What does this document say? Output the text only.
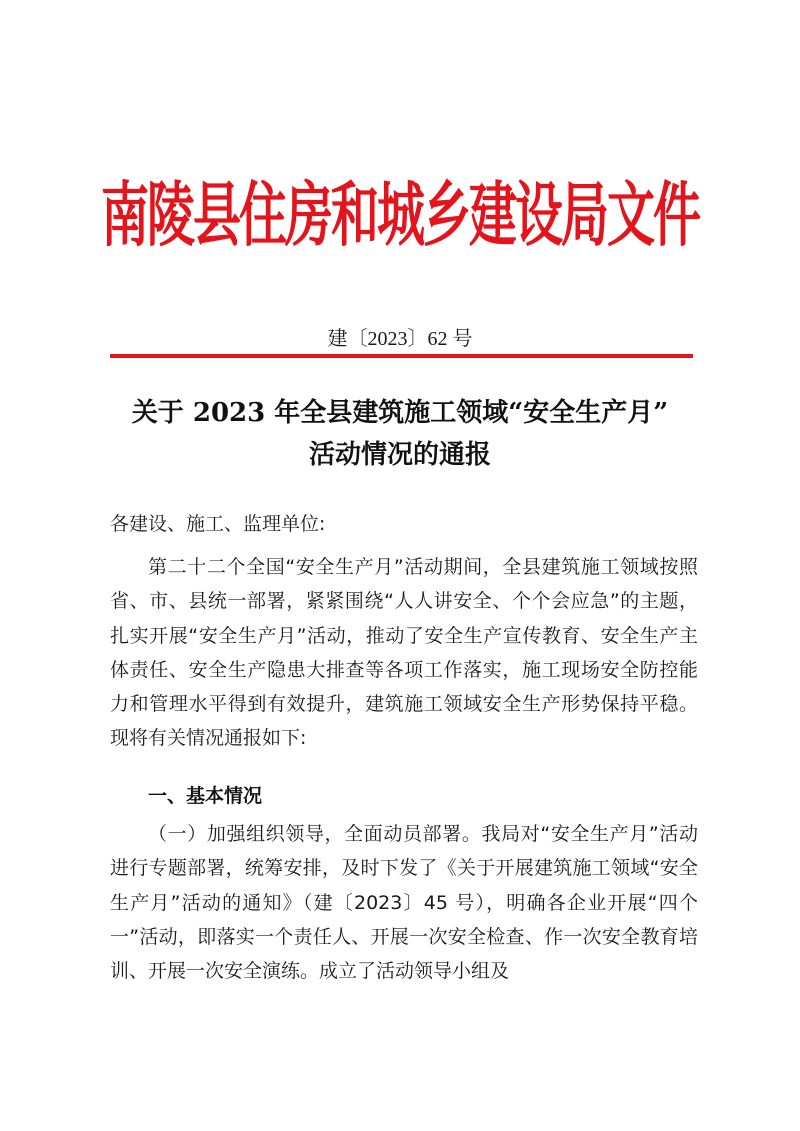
南陵县住房和城乡建设局文件
建〔2023〕62 号
关于 2023 年全县建筑施工领域“安全生产月”
活动情况的通报
各建设、施工、监理单位:
第二十二个全国“安全生产月”活动期间，全县建筑施工领域按照省、市、县统一部署，紧紧围绕“人人讲安全、个个会应急”的主题，扎实开展“安全生产月”活动，推动了安全生产宣传教育、安全生产主体责任、安全生产隐患大排查等各项工作落实，施工现场安全防控能力和管理水平得到有效提升，建筑施工领域安全生产形势保持平稳。现将有关情况通报如下:
一、基本情况
（一）加强组织领导，全面动员部署。我局对“安全生产月”活动进行专题部署，统筹安排，及时下发了《关于开展建筑施工领域“安全生产月”活动的通知》（建〔2023〕45 号），明确各企业开展“四个一”活动，即落实一个责任人、开展一次安全检查、作一次安全教育培训、开展一次安全演练。成立了活动领导小组及
